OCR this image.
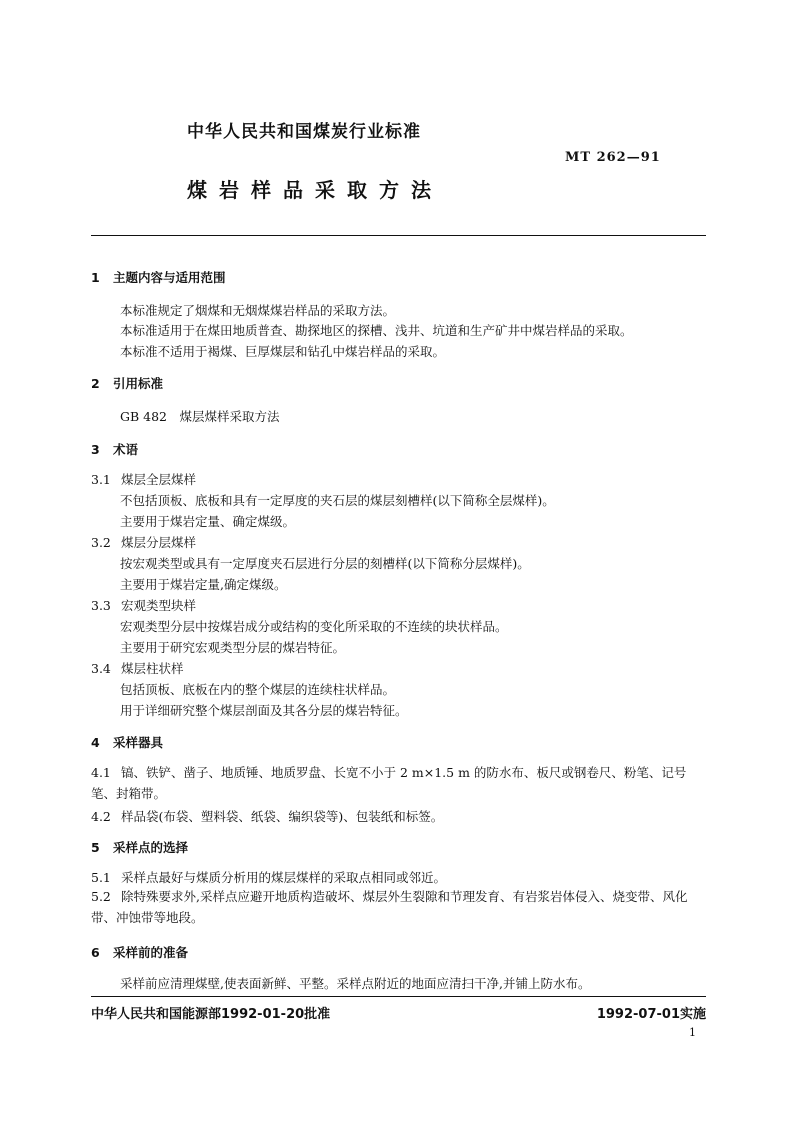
中华人民共和国煤炭行业标准
MT 262—91
煤岩样品采取方法
1 主题内容与适用范围
本标准规定了烟煤和无烟煤煤岩样品的采取方法。
本标准适用于在煤田地质普查、勘探地区的探槽、浅井、坑道和生产矿井中煤岩样品的采取。
本标准不适用于褐煤、巨厚煤层和钻孔中煤岩样品的采取。
2 引用标准
GB 482　煤层煤样采取方法
3 术语
3.1 煤层全层煤样
不包括顶板、底板和具有一定厚度的夹石层的煤层刻槽样(以下简称全层煤样)。
主要用于煤岩定量、确定煤级。
3.2 煤层分层煤样
按宏观类型或具有一定厚度夹石层进行分层的刻槽样(以下简称分层煤样)。
主要用于煤岩定量,确定煤级。
3.3 宏观类型块样
宏观类型分层中按煤岩成分或结构的变化所采取的不连续的块状样品。
主要用于研究宏观类型分层的煤岩特征。
3.4 煤层柱状样
包括顶板、底板在内的整个煤层的连续柱状样品。
用于详细研究整个煤层剖面及其各分层的煤岩特征。
4 采样器具
4.1 镐、铁铲、凿子、地质锤、地质罗盘、长宽不小于 2 m×1.5 m 的防水布、板尺或钢卷尺、粉笔、记号笔、封箱带。
4.2 样品袋(布袋、塑料袋、纸袋、编织袋等)、包装纸和标签。
5 采样点的选择
5.1 采样点最好与煤质分析用的煤层煤样的采取点相同或邻近。
5.2 除特殊要求外,采样点应避开地质构造破坏、煤层外生裂隙和节理发育、有岩浆岩体侵入、烧变带、风化带、冲蚀带等地段。
6 采样前的准备
采样前应清理煤壁,使表面新鲜、平整。采样点附近的地面应清扫干净,并铺上防水布。
中华人民共和国能源部1992-01-20批准	1992-07-01实施
1
